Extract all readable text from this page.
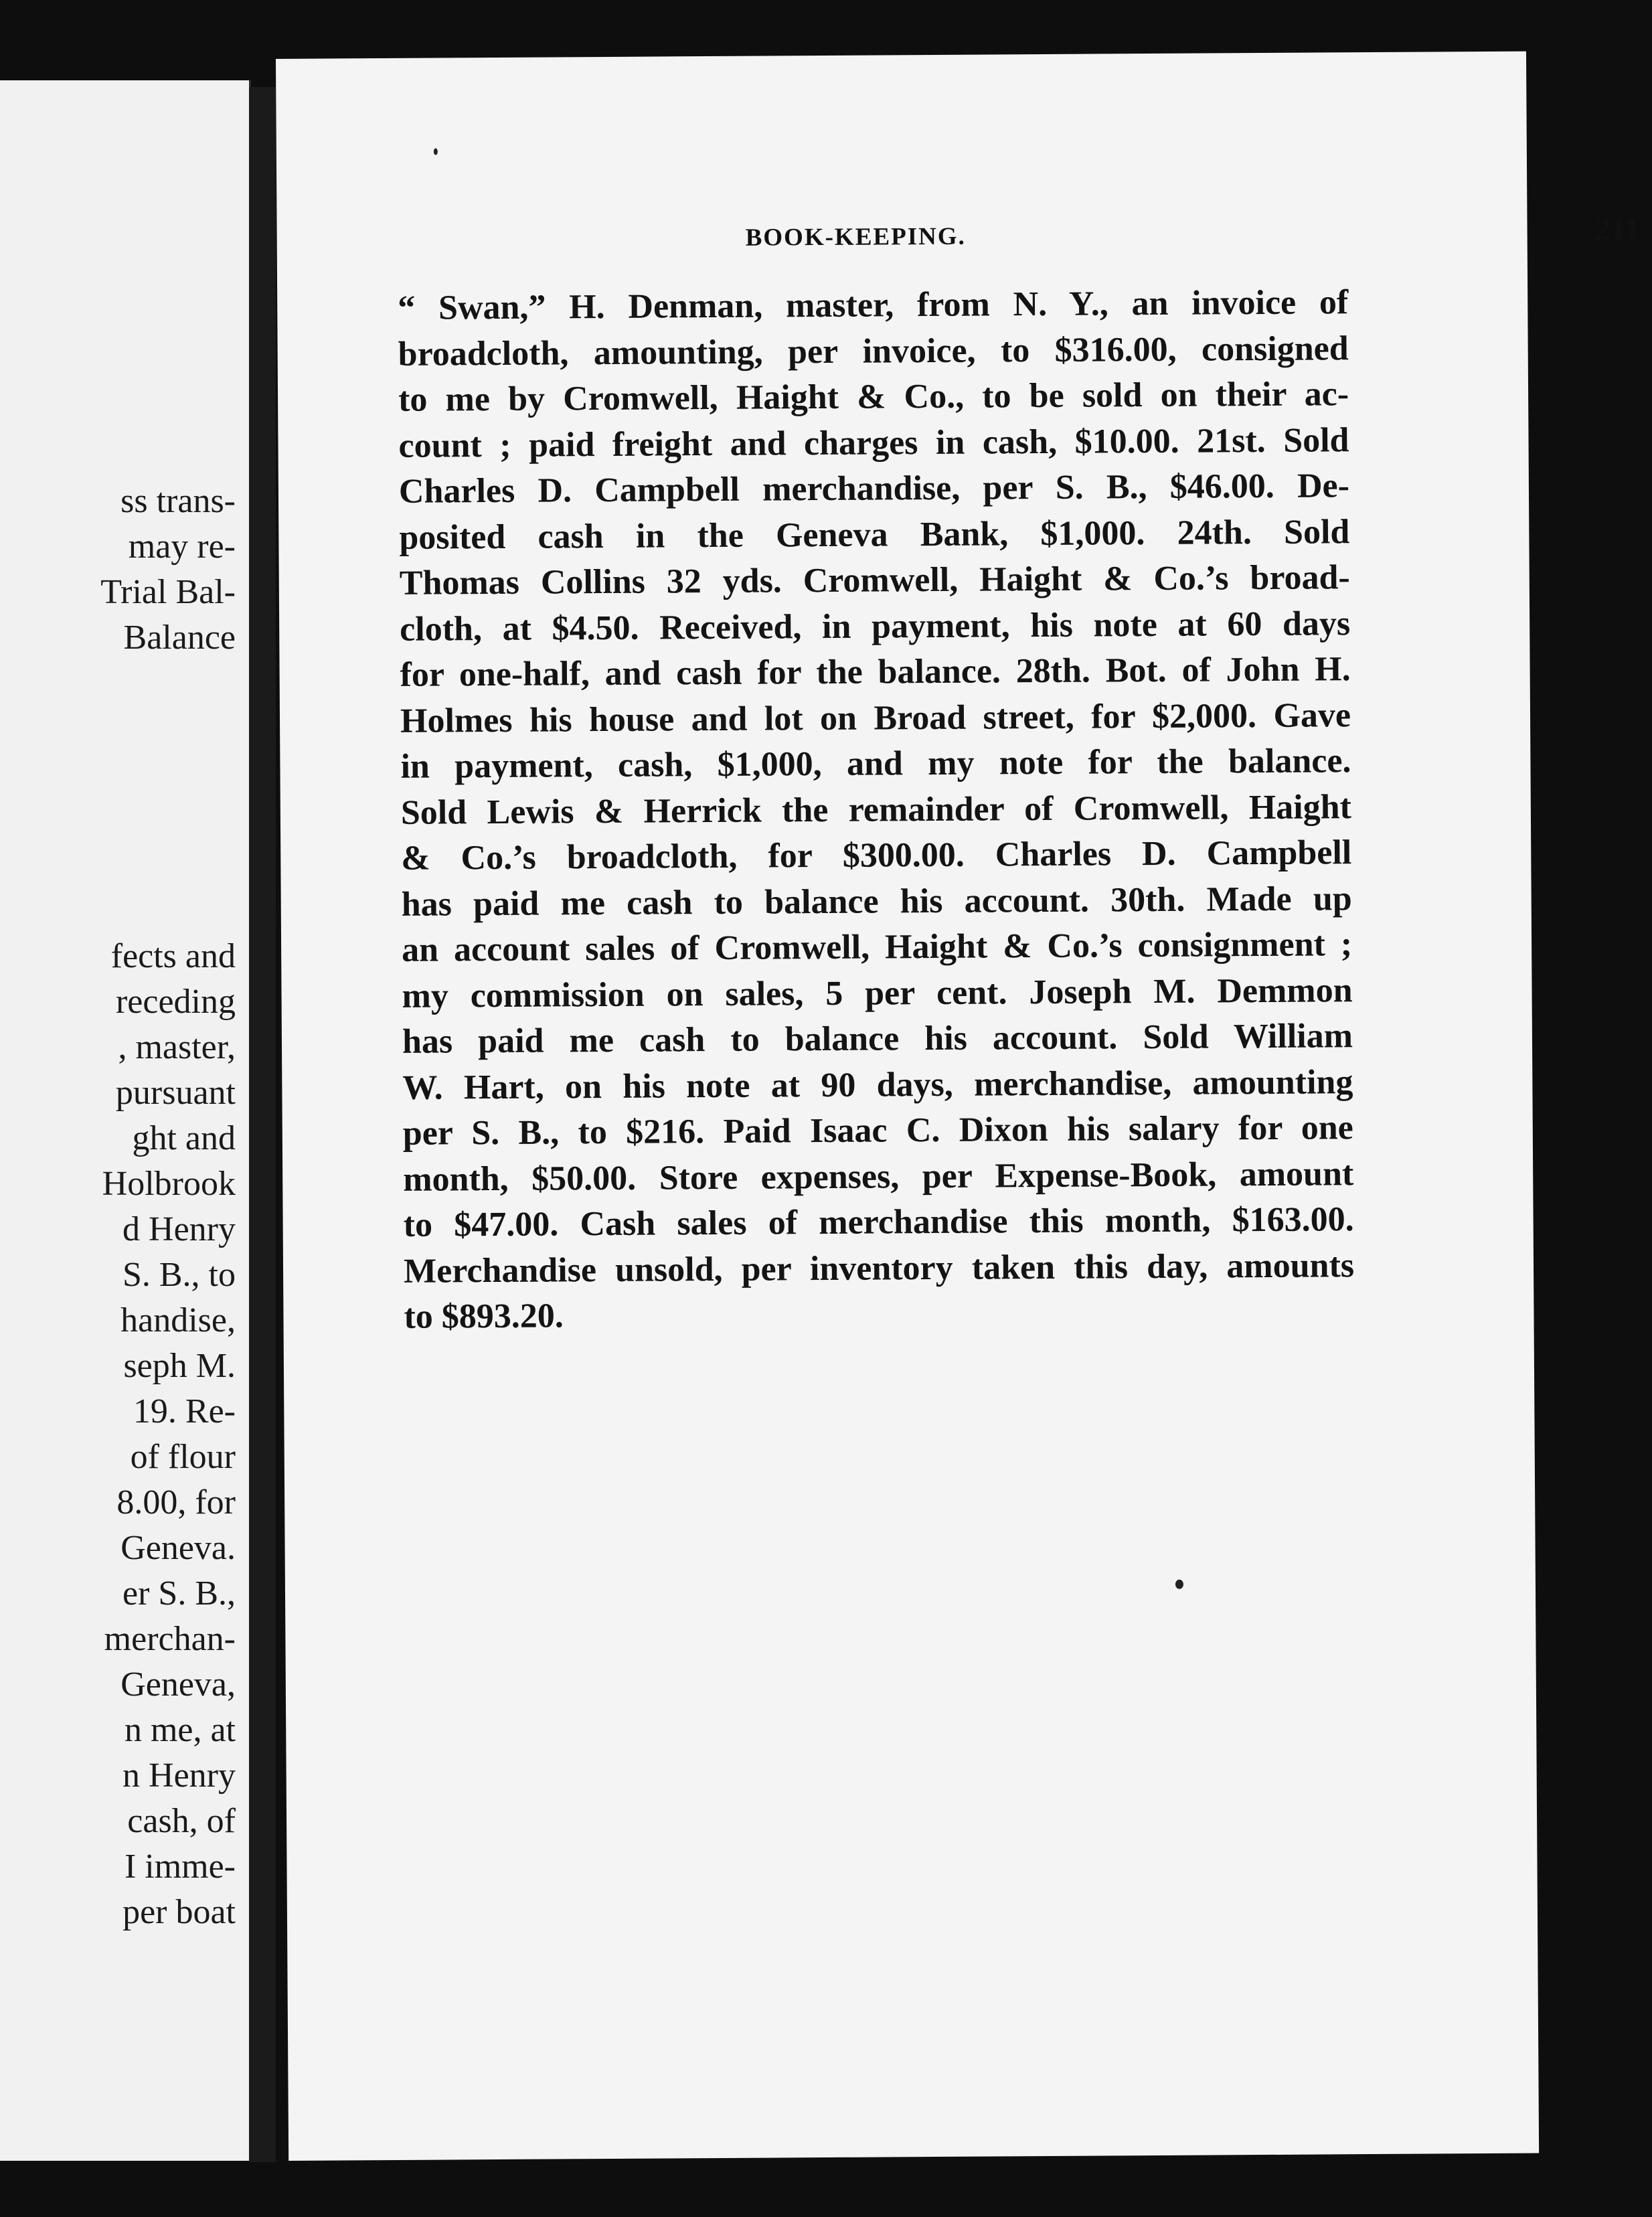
ss trans-
may re-
Trial Bal-
Balance

fects and
receding
, master,
pursuant
ght and
Holbrook
d Henry
S. B., to
handise,
seph M.
19. Re-
of flour
8.00, for
Geneva.
er S. B.,
merchan-
Geneva,
n me, at
n Henry
cash, of
I imme-
per boat
BOOK-KEEPING.	211
“ Swan,” H. Denman, master, from N. Y., an invoice of
broadcloth, amounting, per invoice, to $316.00, consigned
to me by Cromwell, Haight & Co., to be sold on their ac-
count ; paid freight and charges in cash, $10.00. 21st. Sold
Charles D. Campbell merchandise, per S. B., $46.00. De-
posited cash in the Geneva Bank, $1,000. 24th. Sold
Thomas Collins 32 yds. Cromwell, Haight & Co.’s broad-
cloth, at $4.50. Received, in payment, his note at 60 days
for one-half, and cash for the balance. 28th. Bot. of John H.
Holmes his house and lot on Broad street, for $2,000. Gave
in payment, cash, $1,000, and my note for the balance.
Sold Lewis & Herrick the remainder of Cromwell, Haight
& Co.’s broadcloth, for $300.00. Charles D. Campbell
has paid me cash to balance his account. 30th. Made up
an account sales of Cromwell, Haight & Co.’s consignment ;
my commission on sales, 5 per cent. Joseph M. Demmon
has paid me cash to balance his account. Sold William
W. Hart, on his note at 90 days, merchandise, amounting
per S. B., to $216. Paid Isaac C. Dixon his salary for one
month, $50.00. Store expenses, per Expense-Book, amount
to $47.00. Cash sales of merchandise this month, $163.00.
Merchandise unsold, per inventory taken this day, amounts
to $893.20.
